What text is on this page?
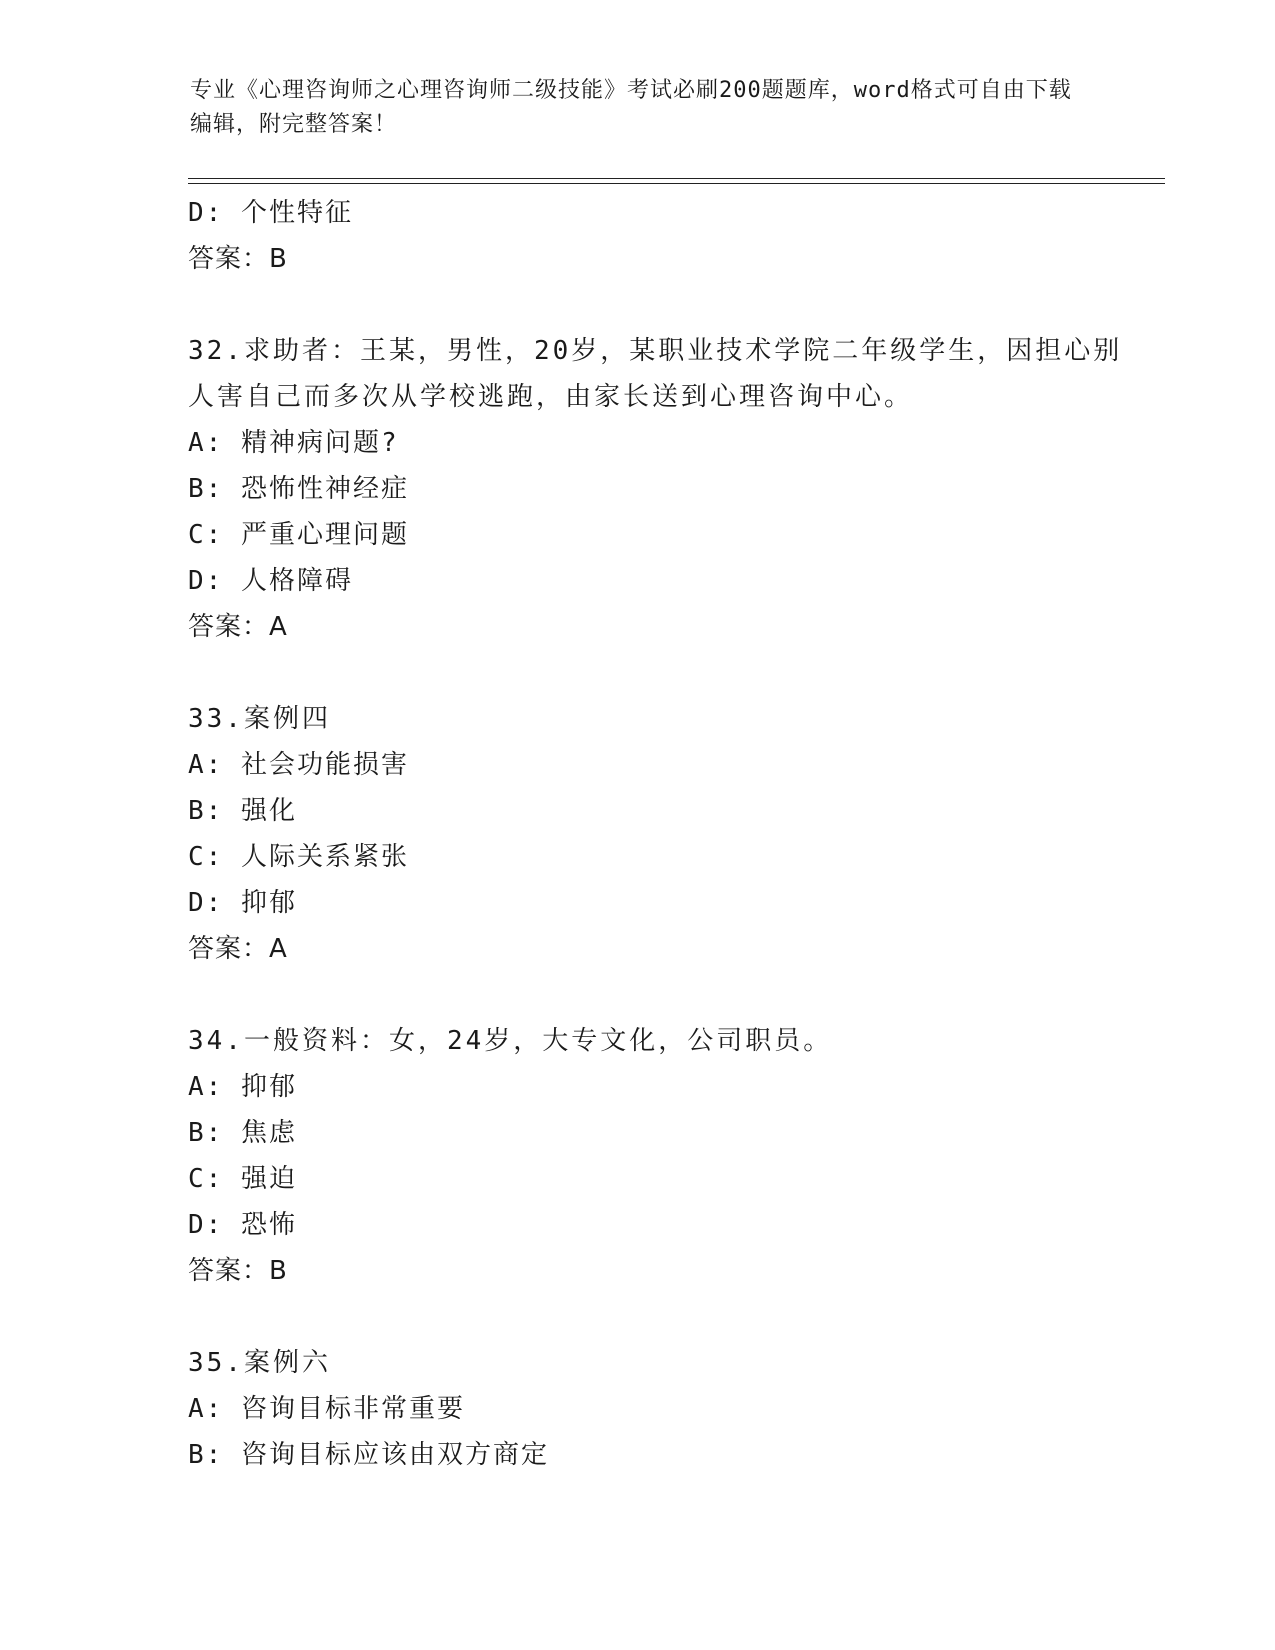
专业《心理咨询师之心理咨询师二级技能》考试必刷200题题库，word格式可自由下载编辑，附完整答案！
D: 个性特征
答案：B
32.求助者：王某，男性，20岁，某职业技术学院二年级学生，因担心别人害自己而多次从学校逃跑，由家长送到心理咨询中心。
A: 精神病问题?
B: 恐怖性神经症
C: 严重心理问题
D: 人格障碍
答案：A
33.案例四
A: 社会功能损害
B: 强化
C: 人际关系紧张
D: 抑郁
答案：A
34.一般资料：女，24岁，大专文化，公司职员。
A: 抑郁
B: 焦虑
C: 强迫
D: 恐怖
答案：B
35.案例六
A: 咨询目标非常重要
B: 咨询目标应该由双方商定
